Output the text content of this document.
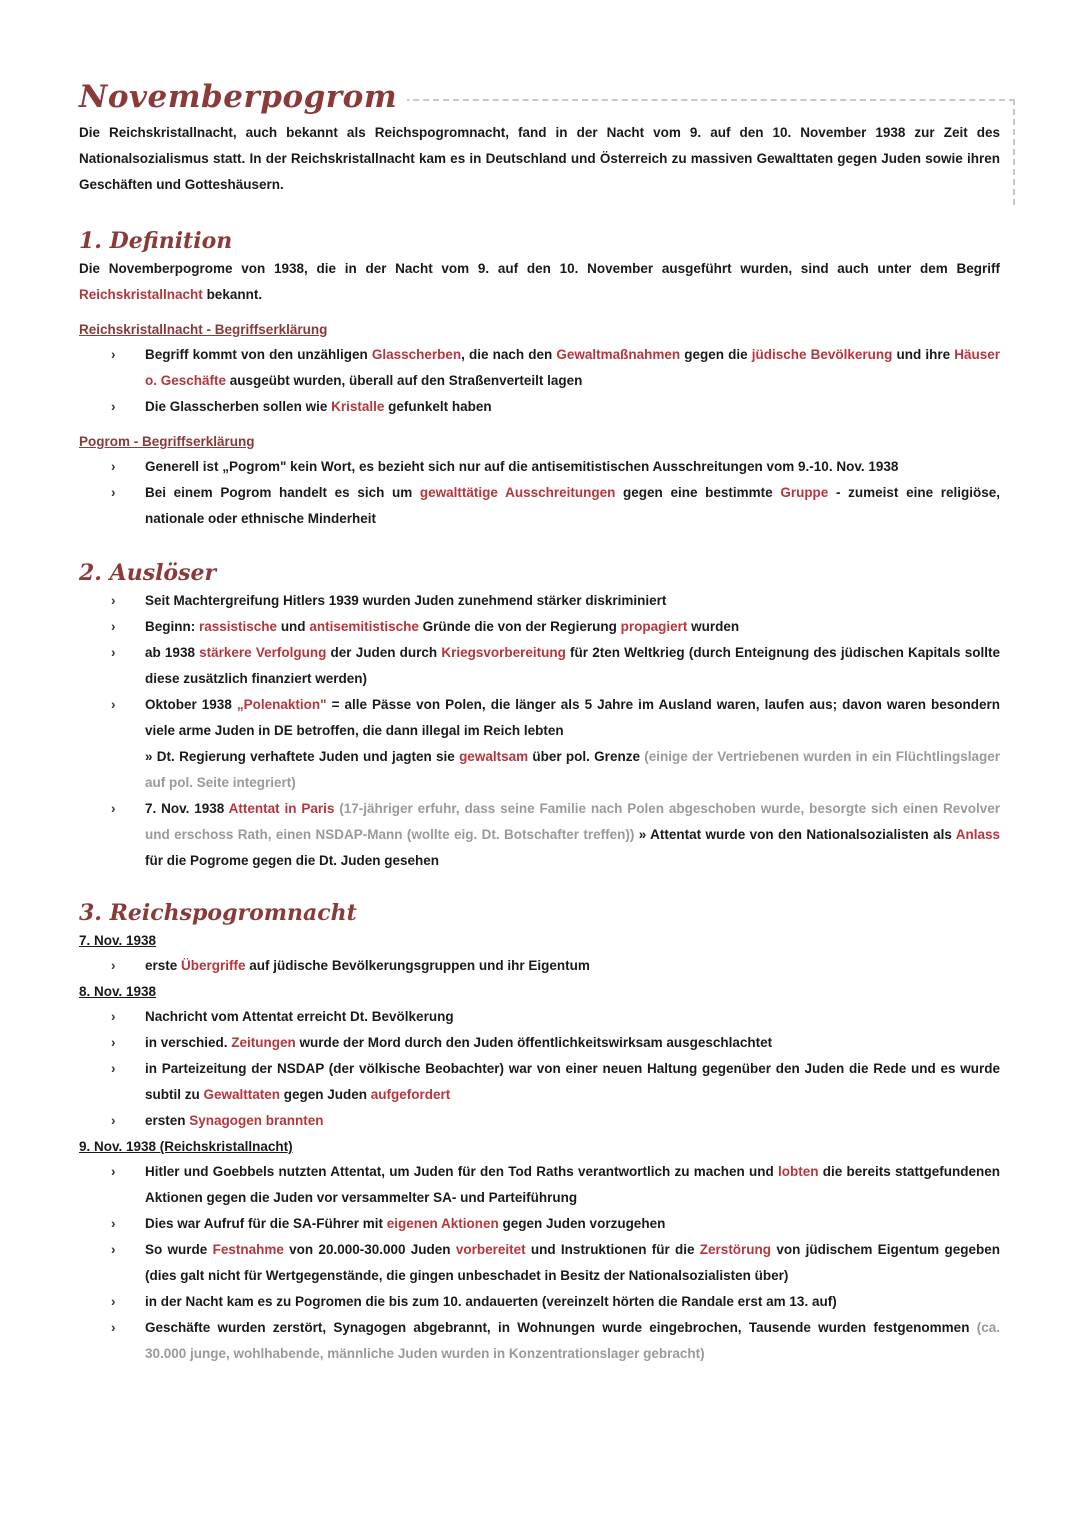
Novemberpogrom

Die Reichskristallnacht, auch bekannt als Reichspogromnacht, fand in der Nacht vom 9. auf den 10. November 1938 zur Zeit des Nationalsozialismus statt. In der Reichskristallnacht kam es in Deutschland und Österreich zu massiven Gewalttaten gegen Juden sowie ihren Geschäften und Gotteshäusern.

1. Definition

Die Novemberpogrome von 1938, die in der Nacht vom 9. auf den 10. November ausgeführt wurden, sind auch unter dem Begriff Reichskristallnacht bekannt.

Reichskristallnacht - Begriffserklärung
› Begriff kommt von den unzähligen Glasscherben, die nach den Gewaltmaßnahmen gegen die jüdische Bevölkerung und ihre Häuser o. Geschäfte ausgeübt wurden, überall auf den Straßenverteilt lagen
› Die Glasscherben sollen wie Kristalle gefunkelt haben
Pogrom - Begriffserklärung
› Generell ist „Pogrom" kein Wort, es bezieht sich nur auf die antisemitistischen Ausschreitungen vom 9.-10. Nov. 1938
› Bei einem Pogrom handelt es sich um gewalttätige Ausschreitungen gegen eine bestimmte Gruppe - zumeist eine religiöse, nationale oder ethnische Minderheit
2. Auslöser
› Seit Machtergreifung Hitlers 1939 wurden Juden zunehmend stärker diskriminiert
› Beginn: rassistische und antisemitistische Gründe die von der Regierung propagiert wurden
› ab 1938 stärkere Verfolgung der Juden durch Kriegsvorbereitung für 2ten Weltkrieg (durch Enteignung des jüdischen Kapitals sollte diese zusätzlich finanziert werden)
› Oktober 1938 „Polenaktion" = alle Pässe von Polen, die länger als 5 Jahre im Ausland waren, laufen aus; davon waren besondern viele arme Juden in DE betroffen, die dann illegal im Reich lebten
» Dt. Regierung verhaftete Juden und jagten sie gewaltsam über pol. Grenze (einige der Vertriebenen wurden in ein Flüchtlingslager auf pol. Seite integriert)
› 7. Nov. 1938 Attentat in Paris (17-jähriger erfuhr, dass seine Familie nach Polen abgeschoben wurde, besorgte sich einen Revolver und erschoss Rath, einen NSDAP-Mann (wollte eig. Dt. Botschafter treffen)) » Attentat wurde von den Nationalsozialisten als Anlass für die Pogrome gegen die Dt. Juden gesehen
3. Reichspogromnacht
7. Nov. 1938
› erste Übergriffe auf jüdische Bevölkerungsgruppen und ihr Eigentum
8. Nov. 1938
› Nachricht vom Attentat erreicht Dt. Bevölkerung
› in verschied. Zeitungen wurde der Mord durch den Juden öffentlichkeitswirksam ausgeschlachtet
› in Parteizeitung der NSDAP (der völkische Beobachter) war von einer neuen Haltung gegenüber den Juden die Rede und es wurde subtil zu Gewalttaten gegen Juden aufgefordert
› ersten Synagogen brannten
9. Nov. 1938 (Reichskristallnacht)
› Hitler und Goebbels nutzten Attentat, um Juden für den Tod Raths verantwortlich zu machen und lobten die bereits stattgefundenen Aktionen gegen die Juden vor versammelter SA- und Parteiführung
› Dies war Aufruf für die SA-Führer mit eigenen Aktionen gegen Juden vorzugehen
› So wurde Festnahme von 20.000-30.000 Juden vorbereitet und Instruktionen für die Zerstörung von jüdischem Eigentum gegeben (dies galt nicht für Wertgegenstände, die gingen unbeschadet in Besitz der Nationalsozialisten über)
› in der Nacht kam es zu Pogromen die bis zum 10. andauerten (vereinzelt hörten die Randale erst am 13. auf)
› Geschäfte wurden zerstört, Synagogen abgebrannt, in Wohnungen wurde eingebrochen, Tausende wurden festgenommen (ca. 30.000 junge, wohlhabende, männliche Juden wurden in Konzentrationslager gebracht)
